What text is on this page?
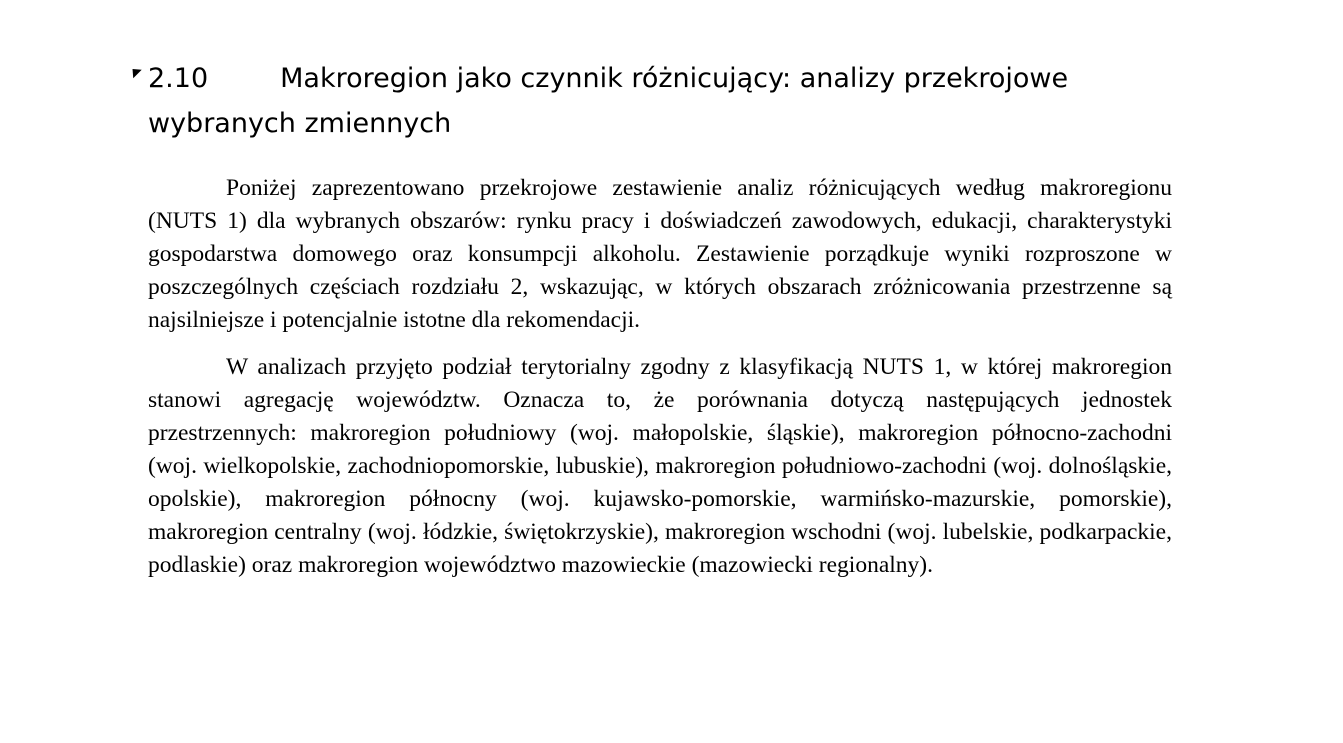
2.10	Makroregion jako czynnik różnicujący: analizy przekrojowe wybranych zmiennych

Poniżej zaprezentowano przekrojowe zestawienie analiz różnicujących według makroregionu (NUTS 1) dla wybranych obszarów: rynku pracy i doświadczeń zawodowych, edukacji, charakterystyki gospodarstwa domowego oraz konsumpcji alkoholu. Zestawienie porządkuje wyniki rozproszone w poszczególnych częściach rozdziału 2, wskazując, w których obszarach zróżnicowania przestrzenne są najsilniejsze i potencjalnie istotne dla rekomendacji.

W analizach przyjęto podział terytorialny zgodny z klasyfikacją NUTS 1, w której makroregion stanowi agregację województw. Oznacza to, że porównania dotyczą następujących jednostek przestrzennych: makroregion południowy (woj. małopolskie, śląskie), makroregion północno-zachodni (woj. wielkopolskie, zachodniopomorskie, lubuskie), makroregion południowo-zachodni (woj. dolnośląskie, opolskie), makroregion północny (woj. kujawsko-pomorskie, warmińsko-mazurskie, pomorskie), makroregion centralny (woj. łódzkie, świętokrzyskie), makroregion wschodni (woj. lubelskie, podkarpackie, podlaskie) oraz makroregion województwo mazowieckie (mazowiecki regionalny).
